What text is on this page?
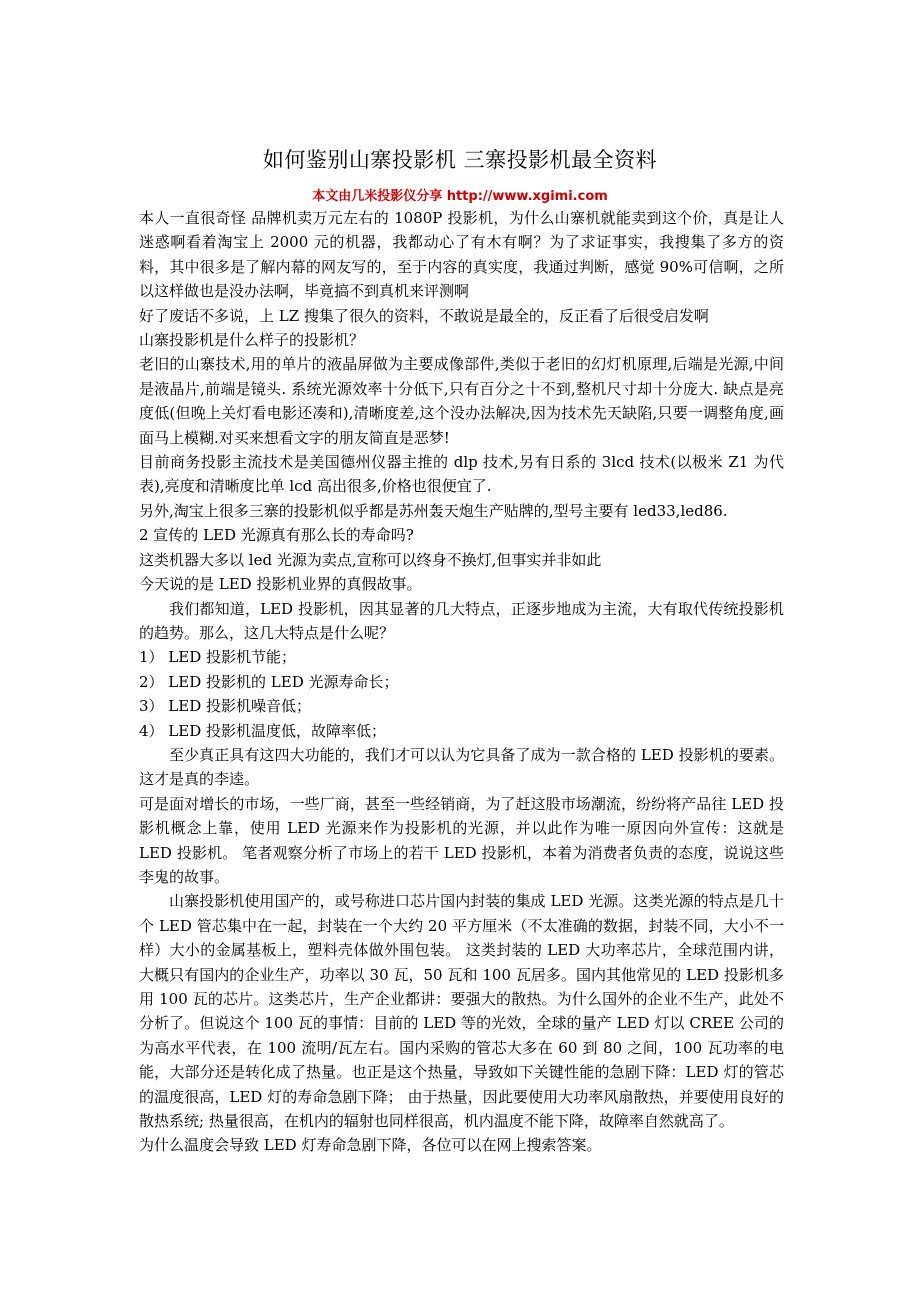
如何鉴别山寨投影机 三寨投影机最全资料
本文由几米投影仪分享 http://www.xgimi.com

本人一直很奇怪 品牌机卖万元左右的 1080P 投影机，为什么山寨机就能卖到这个价，真是让人迷惑啊看着淘宝上 2000 元的机器，我都动心了有木有啊？为了求证事实，我搜集了多方的资料，其中很多是了解内幕的网友写的，至于内容的真实度，我通过判断，感觉 90%可信啊，之所以这样做也是没办法啊，毕竟搞不到真机来评测啊

好了废话不多说，上 LZ 搜集了很久的资料，不敢说是最全的，反正看了后很受启发啊

山寨投影机是什么样子的投影机？

老旧的山寨技术,用的单片的液晶屏做为主要成像部件,类似于老旧的幻灯机原理,后端是光源,中间是液晶片,前端是镜头. 系统光源效率十分低下,只有百分之十不到,整机尺寸却十分庞大. 缺点是亮度低(但晚上关灯看电影还凑和),清晰度差,这个没办法解决,因为技术先天缺陷,只要一调整角度,画面马上模糊.对买来想看文字的朋友简直是恶梦!

目前商务投影主流技术是美国德州仪器主推的 dlp 技术,另有日系的 3lcd 技术(以极米 Z1 为代表),亮度和清晰度比单 lcd 高出很多,价格也很便宜了.

另外,淘宝上很多三寨的投影机似乎都是苏州轰天炮生产贴牌的,型号主要有 led33,led86.

2 宣传的 LED 光源真有那么长的寿命吗?

这类机器大多以 led 光源为卖点,宣称可以终身不换灯,但事实并非如此

今天说的是 LED 投影机业界的真假故事。

我们都知道，LED 投影机，因其显著的几大特点，正逐步地成为主流，大有取代传统投影机的趋势。那么，这几大特点是什么呢？

1） LED 投影机节能；

2） LED 投影机的 LED 光源寿命长；

3） LED 投影机噪音低；

4） LED 投影机温度低，故障率低；

至少真正具有这四大功能的，我们才可以认为它具备了成为一款合格的 LED 投影机的要素。这才是真的李逵。

可是面对增长的市场，一些厂商，甚至一些经销商，为了赶这股市场潮流，纷纷将产品往 LED 投影机概念上靠，使用 LED 光源来作为投影机的光源，并以此作为唯一原因向外宣传：这就是 LED 投影机。 笔者观察分析了市场上的若干 LED 投影机，本着为消费者负责的态度，说说这些李鬼的故事。

山寨投影机使用国产的，或号称进口芯片国内封装的集成 LED 光源。这类光源的特点是几十个 LED 管芯集中在一起，封装在一个大约 20 平方厘米（不太准确的数据，封装不同，大小不一样）大小的金属基板上，塑料壳体做外围包装。 这类封装的 LED 大功率芯片，全球范围内讲，大概只有国内的企业生产，功率以 30 瓦，50 瓦和 100 瓦居多。国内其他常见的 LED 投影机多用 100 瓦的芯片。这类芯片，生产企业都讲：要强大的散热。为什么国外的企业不生产，此处不分析了。但说这个 100 瓦的事情：目前的 LED 等的光效，全球的量产 LED 灯以 CREE 公司的为高水平代表，在 100 流明/瓦左右。国内采购的管芯大多在 60 到 80 之间，100 瓦功率的电能，大部分还是转化成了热量。也正是这个热量，导致如下关键性能的急剧下降：LED 灯的管芯的温度很高，LED 灯的寿命急剧下降； 由于热量，因此要使用大功率风扇散热，并要使用良好的散热系统; 热量很高，在机内的辐射也同样很高，机内温度不能下降，故障率自然就高了。

为什么温度会导致 LED 灯寿命急剧下降，各位可以在网上搜索答案。
